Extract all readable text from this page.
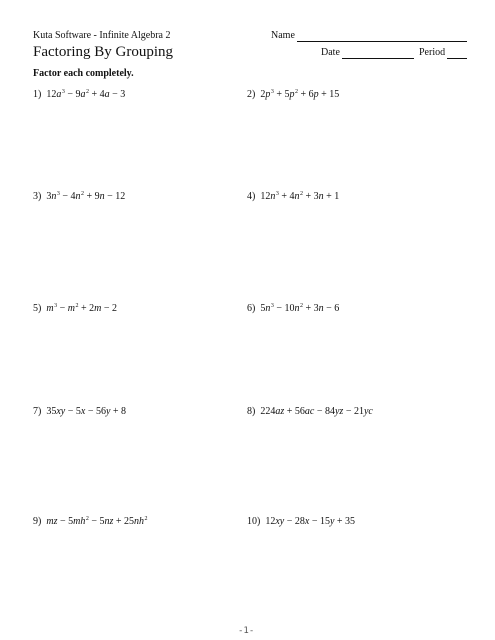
Kuta Software - Infinite Algebra 2	Name
Factoring By Grouping	Date	Period
Factor each completely.
1)  $12a^3 - 9a^2 + 4a - 3$	2)  $2p^3 + 5p^2 + 6p + 15$
3)  $3n^3 - 4n^2 + 9n - 12$	4)  $12n^3 + 4n^2 + 3n + 1$
5) $m^3 - m^2 + 2m - 2$	6)  $5n^3 - 10n^2 + 3n - 6$
7)  35xy − 5x − 56y + 8	8)  224az + 56ac − 84yz − 21yc
9) mz − $5mh^2 - 5nz + 25nh^2$	10)  12xy − 28x − 15y + 35
-1-
